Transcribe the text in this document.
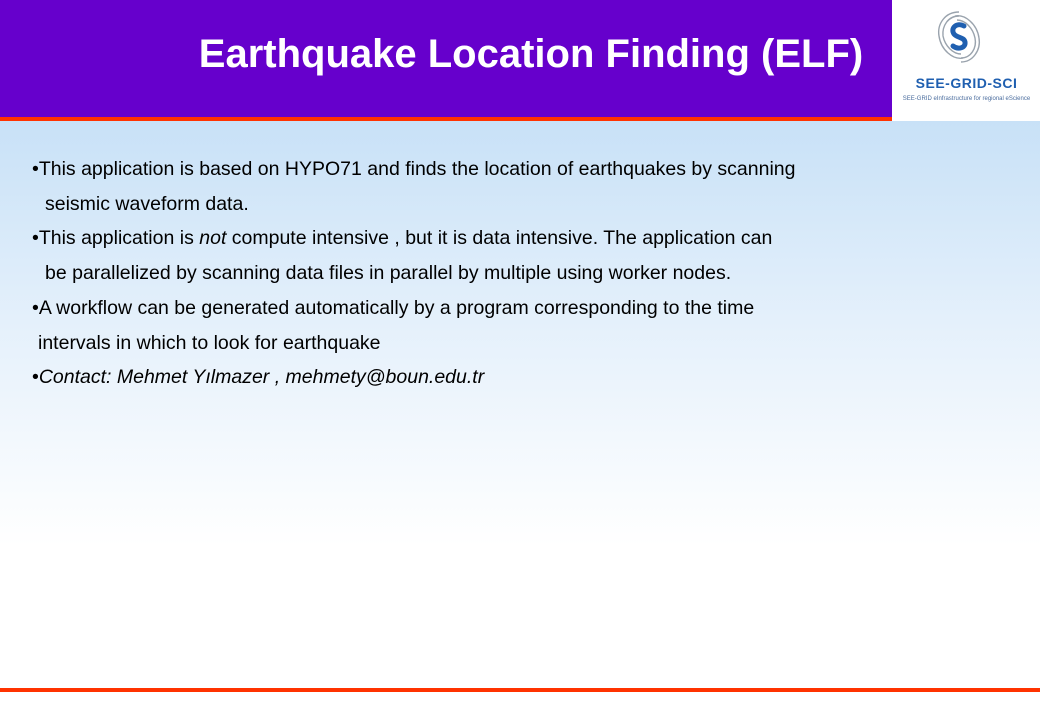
Earthquake Location Finding (ELF)
SEE-GRID-SCI
SEE-GRID eInfrastructure for regional eScience
•This application is based on HYPO71 and finds the location of earthquakes by scanning
seismic waveform data.
•This application is not compute intensive , but it is data intensive. The application can
be parallelized by scanning data files in parallel by multiple using worker nodes.
•A workflow can be generated automatically by a program corresponding to the time
intervals in which to look for earthquake
•Contact: Mehmet Yılmazer , mehmety@boun.edu.tr
